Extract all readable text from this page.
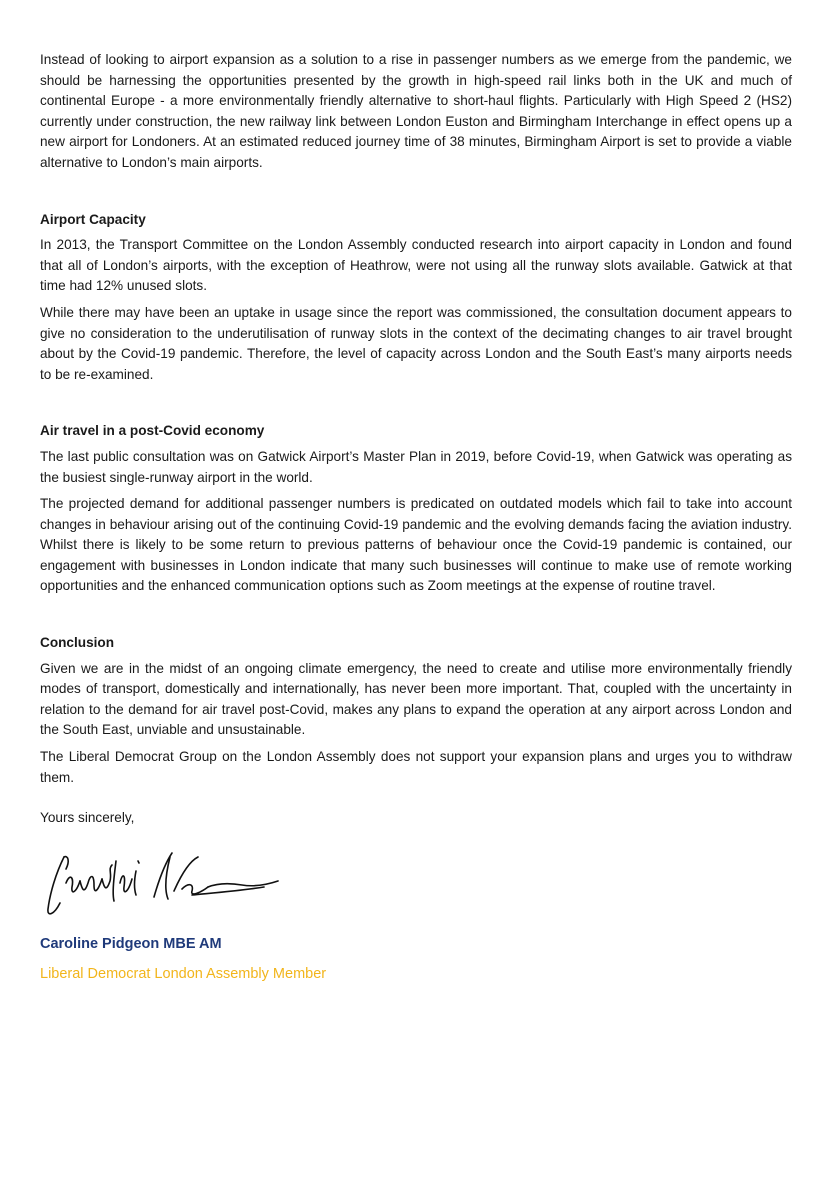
Instead of looking to airport expansion as a solution to a rise in passenger numbers as we emerge from the pandemic, we should be harnessing the opportunities presented by the growth in high-speed rail links both in the UK and much of continental Europe - a more environmentally friendly alternative to short-haul flights. Particularly with High Speed 2 (HS2) currently under construction, the new railway link between London Euston and Birmingham Interchange in effect opens up a new airport for Londoners. At an estimated reduced journey time of 38 minutes, Birmingham Airport is set to provide a viable alternative to London’s main airports.

Airport Capacity

In 2013, the Transport Committee on the London Assembly conducted research into airport capacity in London and found that all of London’s airports, with the exception of Heathrow, were not using all the runway slots available. Gatwick at that time had 12% unused slots.

While there may have been an uptake in usage since the report was commissioned, the consultation document appears to give no consideration to the underutilisation of runway slots in the context of the decimating changes to air travel brought about by the Covid-19 pandemic. Therefore, the level of capacity across London and the South East’s many airports needs to be re-examined.

Air travel in a post-Covid economy

The last public consultation was on Gatwick Airport’s Master Plan in 2019, before Covid-19, when Gatwick was operating as the busiest single-runway airport in the world.

The projected demand for additional passenger numbers is predicated on outdated models which fail to take into account changes in behaviour arising out of the continuing Covid-19 pandemic and the evolving demands facing the aviation industry. Whilst there is likely to be some return to previous patterns of behaviour once the Covid-19 pandemic is contained, our engagement with businesses in London indicate that many such businesses will continue to make use of remote working opportunities and the enhanced communication options such as Zoom meetings at the expense of routine travel.

Conclusion

Given we are in the midst of an ongoing climate emergency, the need to create and utilise more environmentally friendly modes of transport, domestically and internationally, has never been more important. That, coupled with the uncertainty in relation to the demand for air travel post-Covid, makes any plans to expand the operation at any airport across London and the South East, unviable and unsustainable.

The Liberal Democrat Group on the London Assembly does not support your expansion plans and urges you to withdraw them.

Yours sincerely,
Caroline Pidgeon MBE AM
Liberal Democrat London Assembly Member
